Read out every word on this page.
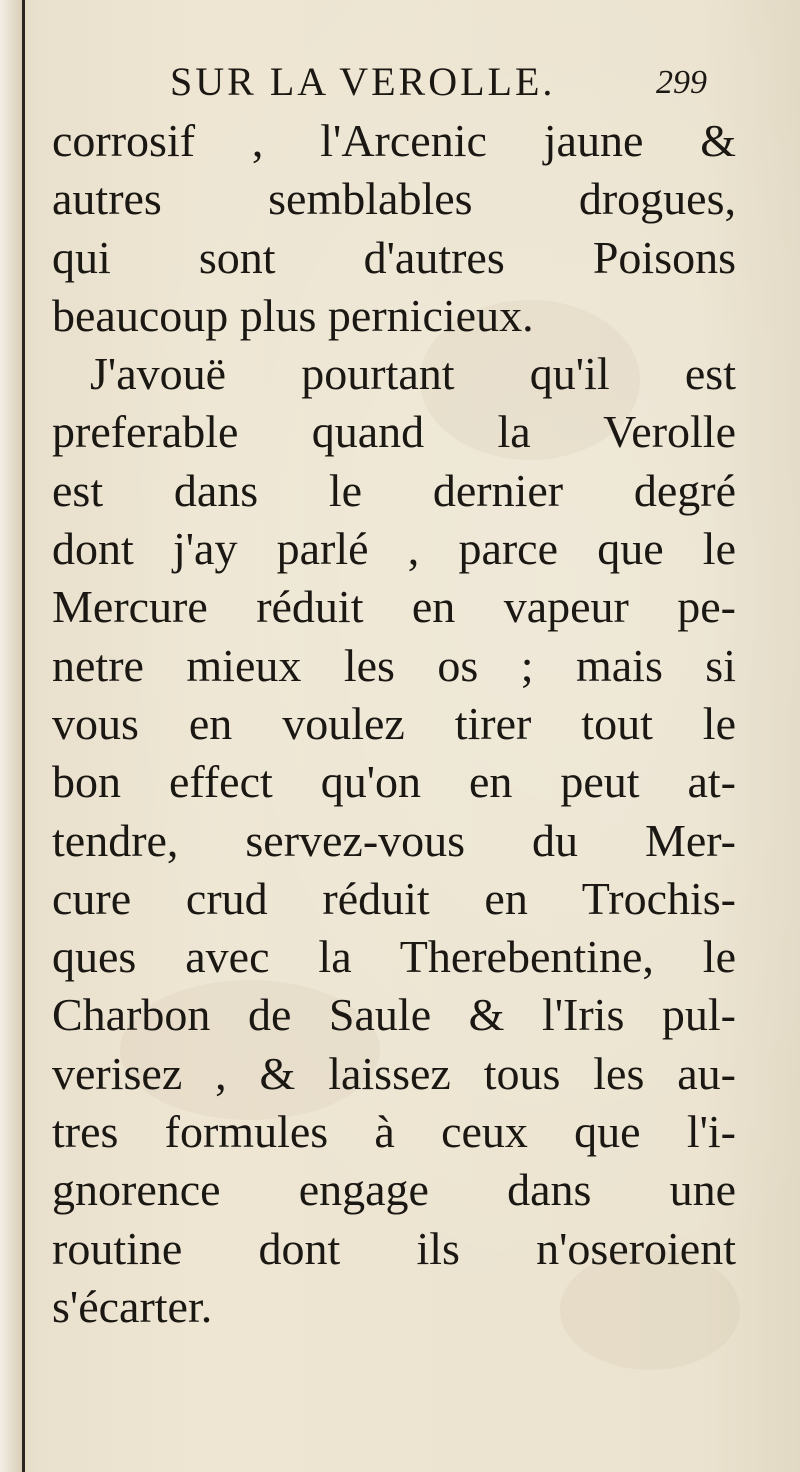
SUR LA VEROLLE.	299
corrosif , l'Arcenic jaune &
autres semblables drogues,
qui sont d'autres Poisons
beaucoup plus pernicieux.
J'avouë pourtant qu'il est
preferable quand la Verolle
est dans le dernier degré
dont j'ay parlé , parce que le
Mercure réduit en vapeur pe-
netre mieux les os ; mais si
vous en voulez tirer tout le
bon effect qu'on en peut at-
tendre, servez-vous du Mer-
cure crud réduit en Trochis-
ques avec la Therebentine, le
Charbon de Saule & l'Iris pul-
verisez , & laissez tous les au-
tres formules à ceux que l'i-
gnorence engage dans une
routine dont ils n'oseroient
s'écarter.
